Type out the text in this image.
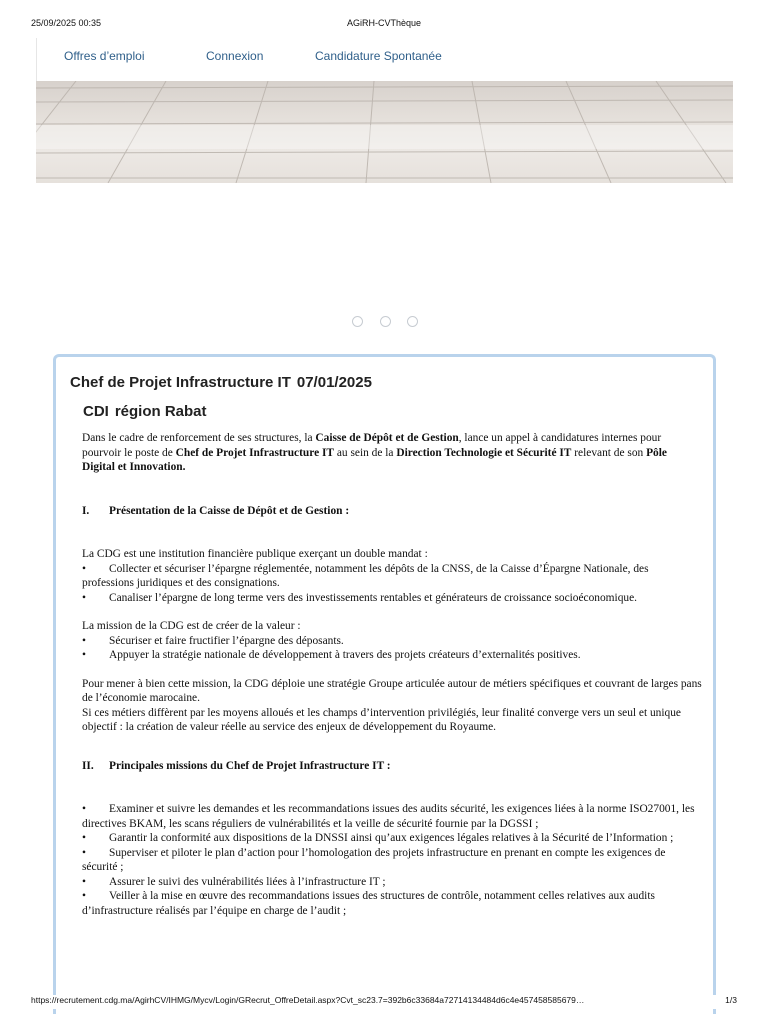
25/09/2025 00:35	AGiRH-CVThèque
Offres d’emploi	Connexion	Candidature Spontanée
Chef de Projet Infrastructure IT 07/01/2025
CDI région Rabat

Dans le cadre de renforcement de ses structures, la Caisse de Dépôt et de Gestion, lance un appel à candidatures internes pour pourvoir le poste de Chef de Projet Infrastructure IT au sein de la Direction Technologie et Sécurité IT relevant de son Pôle Digital et Innovation.

I. Présentation de la Caisse de Dépôt et de Gestion :

La CDG est une institution financière publique exerçant un double mandat :

• Collecter et sécuriser l’épargne réglementée, notamment les dépôts de la CNSS, de la Caisse d’Épargne Nationale, des professions juridiques et des consignations.

• Canaliser l’épargne de long terme vers des investissements rentables et générateurs de croissance socioéconomique.

La mission de la CDG est de créer de la valeur :

• Sécuriser et faire fructifier l’épargne des déposants.

• Appuyer la stratégie nationale de développement à travers des projets créateurs d’externalités positives.

Pour mener à bien cette mission, la CDG déploie une stratégie Groupe articulée autour de métiers spécifiques et couvrant de larges pans de l’économie marocaine.

Si ces métiers diffèrent par les moyens alloués et les champs d’intervention privilégiés, leur finalité converge vers un seul et unique objectif : la création de valeur réelle au service des enjeux de développement du Royaume.

II. Principales missions du Chef de Projet Infrastructure IT :

• Examiner et suivre les demandes et les recommandations issues des audits sécurité, les exigences liées à la norme ISO27001, les directives BKAM, les scans réguliers de vulnérabilités et la veille de sécurité fournie par la DGSSI ;

• Garantir la conformité aux dispositions de la DNSSI ainsi qu’aux exigences légales relatives à la Sécurité de l’Information ;

• Superviser et piloter le plan d’action pour l’homologation des projets infrastructure en prenant en compte les exigences de sécurité ;

• Assurer le suivi des vulnérabilités liées à l’infrastructure IT ;

• Veiller à la mise en œuvre des recommandations issues des structures de contrôle, notamment celles relatives aux audits d’infrastructure réalisés par l’équipe en charge de l’audit ;

https://recrutement.cdg.ma/AgirhCV/IHMG/Mycv/Login/GRecrut_OffreDetail.aspx?Cvt_sc23.7=392b6c33684a72714134484d6c4e457458585679…	1/3
